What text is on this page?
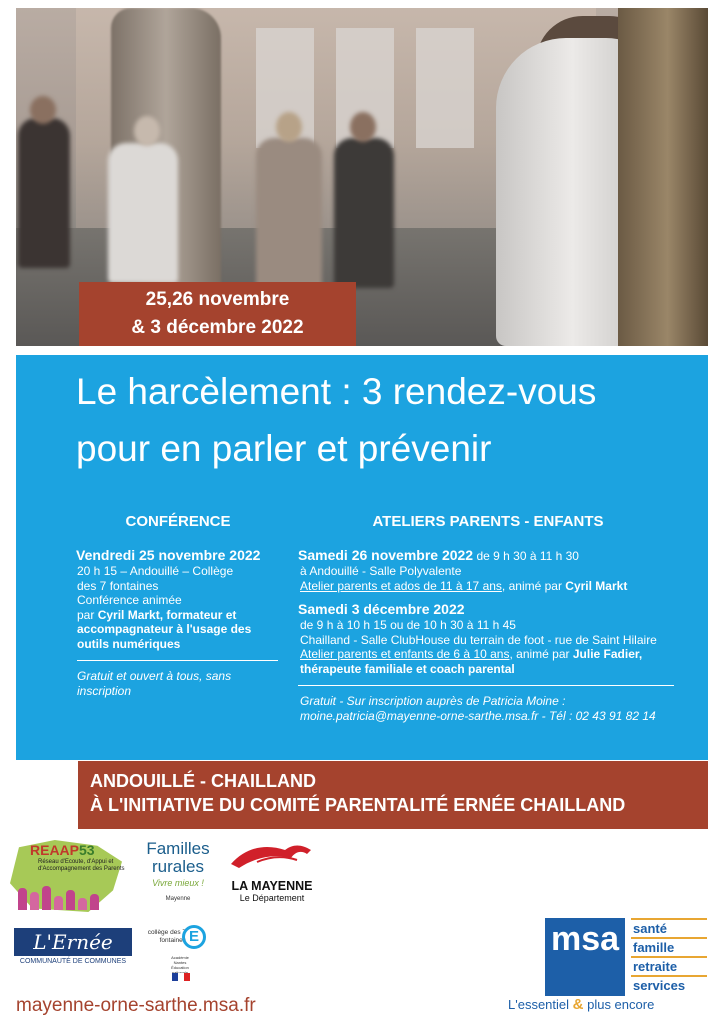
25,26 novembre
& 3 décembre 2022
Le harcèlement : 3 rendez-vous
pour en parler et prévenir
CONFÉRENCE	ATELIERS PARENTS - ENFANTS
Vendredi 25 novembre 2022
20 h 15 – Andouillé – Collège
des 7 fontaines
Conférence animée
par Cyril Markt, formateur et accompagnateur à l'usage des outils numériques
Gratuit et ouvert à tous, sans inscription
Samedi 26 novembre 2022 de 9 h 30 à 11 h 30
à Andouillé - Salle Polyvalente
Atelier parents et ados de 11 à 17 ans, animé par Cyril Markt
Samedi 3 décembre 2022
de 9 h à 10 h 15 ou de 10 h 30 à 11 h 45
Chailland - Salle ClubHouse du terrain de foot - rue de Saint Hilaire
Atelier parents et enfants de 6 à 10 ans, animé par Julie Fadier,
thérapeute familiale et coach parental
Gratuit - Sur inscription auprès de Patricia Moine :
moine.patricia@mayenne-orne-sarthe.msa.fr - Tél : 02 43 91 82 14
ANDOUILLÉ - CHAILLAND
À L'INITIATIVE DU COMITÉ PARENTALITÉ ERNÉE CHAILLAND
REAAP53
Réseau d'Ecoute, d'Appui et d'Accompagnement des Parents
Familles
rurales
Vivre mieux !
Mayenne
LA MAYENNE
Le Département
L'Ernée
COMMUNAUTÉ DE COMMUNES
collège des 7 fontaines E
Académie Nantes Éducation
msa	santé
famille
retraite
services
L'essentiel & plus encore
mayenne-orne-sarthe.msa.fr
